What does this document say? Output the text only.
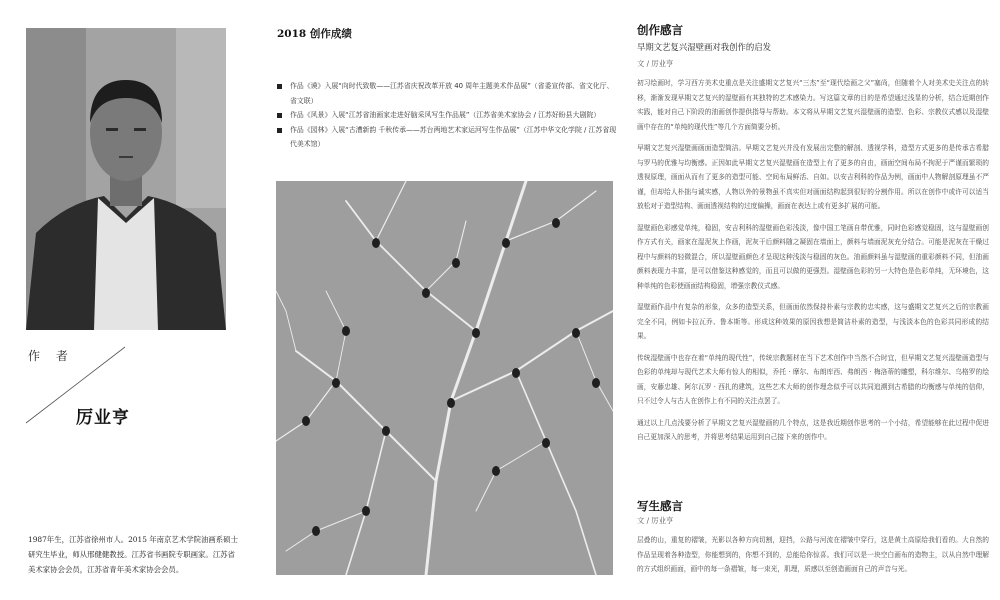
作 者
厉业亨
1987年生，江苏省徐州市人。2015 年南京艺术学院油画系硕士研究生毕业，师从邢健健教授。江苏省书画院专职画家。江苏省美术家协会会员，江苏省青年美术家协会会员。
2018 创作成绩
作品《谟》入展“向时代致敬——江苏省庆祝改革开放 40 周年主题美术作品展”（省委宣传部、省文化厅、省文联）
作品《风景》入展“江苏省油画家走进好脑采风写生作品展”（江苏省美术家协会 / 江苏好盼县大剧院）
作品《园林》入展“古漕新韵 千秋传承——苏台两地艺术家运河写生作品展”（江苏中华文化学院 / 江苏省现代美术馆）
创作感言
早期文艺复兴湿壁画对我创作的启发
文 / 厉业亨

初习绘画时，学习西方美术史重点是关注盛期文艺复兴“三杰”至“现代绘画之父”塞尚，但随着个人对美术史关注点的转移，渐渐发现早期文艺复兴的湿壁画有其独特的艺术感染力。写这篇文章的目的是希望通过浅显的分析，结合近期创作实践，能对自己下阶段的油画创作提供指导与帮助。本文将从早期文艺复兴湿壁画的造型、色彩、宗教仪式感以及湿壁画中存在的“单纯的现代性”等几个方面简要分析。

早期文艺复兴湿壁画画面造型简洁。早期文艺复兴并没有发展出完整的解剖、透视学科，造型方式更多的是传承古希腊与罗马的优雅与均衡感。正因如此早期文艺复兴湿壁画在造型上有了更多的自由，画面空间布局不拘泥于严谨而繁琐的透视原理，画面从而有了更多的造型可能、空间布局鲜活、自如。以安吉利科的作品为例，画面中人物解剖原理虽不严谨，但却给人朴拙与诚实感，人物以外的景物虽不真实但对画面结构起到很好的分割作用。所以在创作中或许可以适当放松对于造型结构、画面透视结构的过度偏操，画面在表达上或有更多扩展的可能。

湿壁画色彩感觉单纯，稳固，安吉利科的湿壁画色彩浅淡，像中国工笔画自带优雅，同时色彩感觉稳固，这与湿壁画创作方式有关，画家在湿泥灰上作画，泥灰干后颜料随之凝固在墙面上，颜料与墙面泥灰充分结合。可能是泥灰在干燥过程中与颜料的轻微混合，所以湿壁画颜色才呈现这种浅淡与稳固的灰色。油画颜料虽与湿壁画的重彩颜料不同，但油画颜料表现力丰富，是可以借鉴这种感觉的，而且可以做的更强烈。湿壁画色彩的另一大特色是色彩单纯，无环境色，这种单纯的色彩使画面结构稳固，增强宗教仪式感。

湿壁画作品中有复杂的形象，众多的造型关系，但画面依然保持朴素与宗教的忠实感，这与盛期文艺复兴之后的宗教画完全不同，例如卡拉瓦乔、鲁本斯等。形成这种效果的原因我想是简洁朴素的造型，与浅淡本色的色彩共同形成的结果。

传统湿壁画中也存在着“单纯的现代性”，传统宗教题材在当下艺术创作中当然不合时宜，但早期文艺复兴湿壁画造型与色彩的单纯却与现代艺术大师有惊人的相似，乔托 · 摩尔、布朗库西、弗朗西 · 梅洛蒂的雕塑，科尔维尔、乌格罗的绘画，安藤忠雄、阿尔瓦罗 · 西扎的建筑，这些艺术大师的创作理念似乎可以共同追溯到古希腊的均衡感与单纯的信仰，只不过令人与古人在创作上有不同的关注点罢了。

通过以上几点浅要分析了早期文艺复兴湿壁画的几个特点，这是我近期创作思考的一个小结，希望能够在此过程中促进自己更加深入的思考，并将思考结果运用到自己接下来的创作中。

写生感言
文 / 厉业亨

层叠的山，重复的褶皱，光影以各种方向切割，迎挡，公路与河流在褶皱中穿行，这是黄土高原给我们看的。大自然的作品呈现着各种造型，你能想到的，你想不到的，总能给你惊喜。我们可以是一块空白画布的造物主，以从自然中理解的方式组织画面，画中的每一条褶皱，每一束光，肌理，质感以至创造画面自己的声音与光。
